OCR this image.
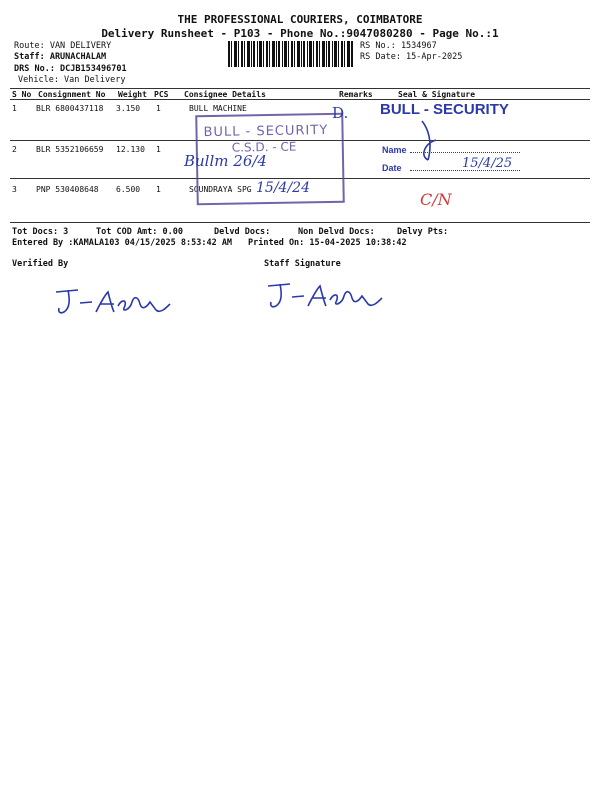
THE PROFESSIONAL COURIERS, COIMBATORE
Delivery Runsheet - P103 - Phone No.:9047080280 - Page No.:1
Route: VAN DELIVERY
Staff: ARUNACHALAM
DRS No.: DCJB153496701
Vehicle: Van Delivery
RS No.: 1534967
RS Date: 15-Apr-2025
S No Consignment No Weight PCS Consignee Details	Remarks	Seal & Signature
1 BLR 6800437118 3.150 1	BULL MACHINE
2 BLR 5352106659 12.130 1
3 PNP 530408648 6.500 1	SOUNDRAYA SPG
BULL - SECURITY
C.S.D. - CE
Bullm 26/4
15/4/24
D. BULL - SECURITY
Name
Date	15/4/25
C/N
Tot Docs: 3	Tot COD Amt: 0.00	Delvd Docs:	Non Delvd Docs:	Delvy Pts:
Entered By :KAMALA103 04/15/2025 8:53:42 AM Printed On: 15-04-2025 10:38:42
Verified By	Staff Signature
